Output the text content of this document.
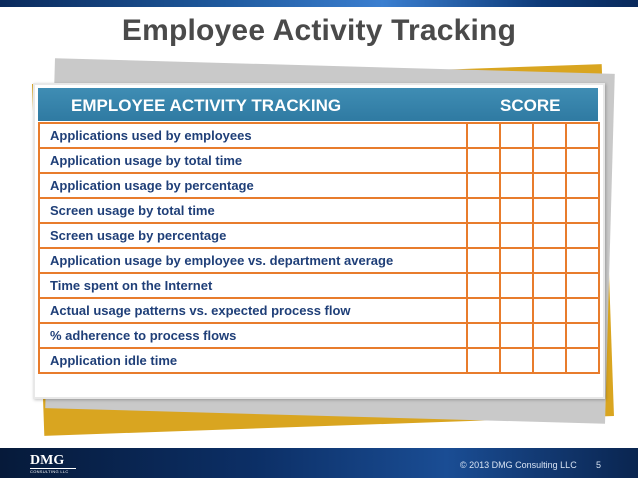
Employee Activity Tracking
EMPLOYEE ACTIVITY TRACKING	SCORE
Applications used by employees				
Application usage by total time				
Application usage by percentage				
Screen usage by total time				
Screen usage by percentage				
Application usage by employee vs. department average				
Time spent on the Internet				
Actual usage patterns vs. expected process flow				
% adherence to process flows				
Application idle time				
DMG
CONSULTING LLC
© 2013 DMG Consulting LLC 5
